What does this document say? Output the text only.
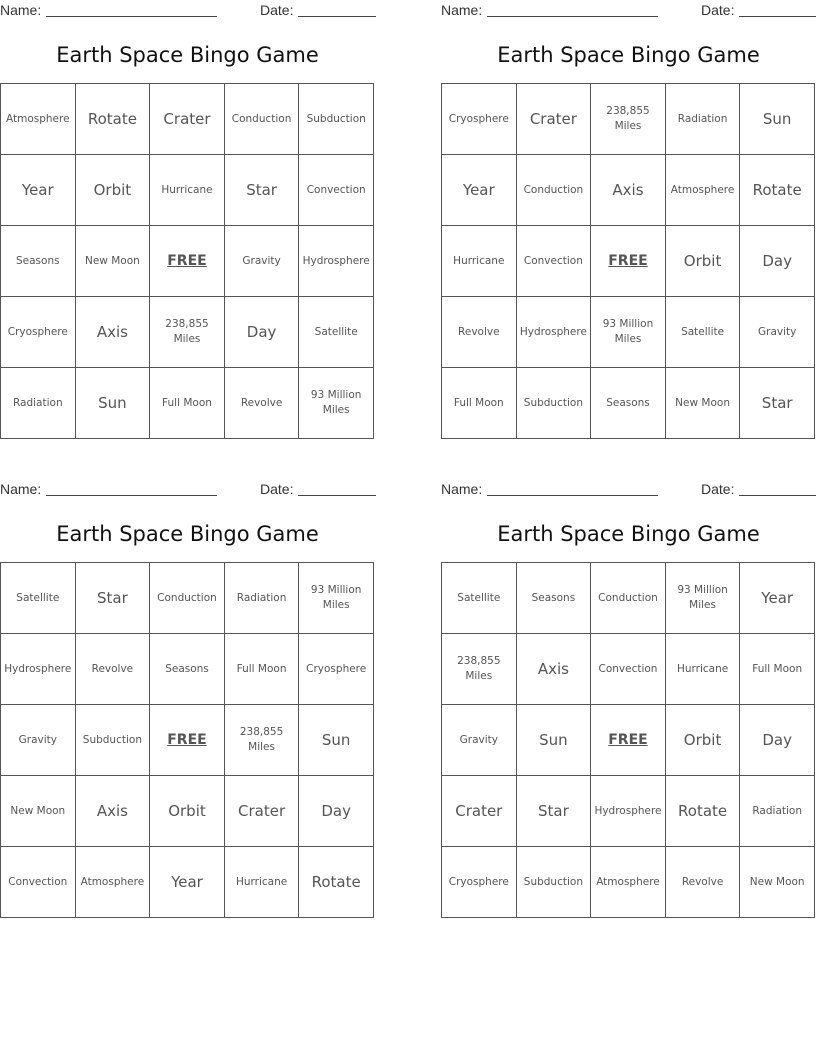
Name:	Date:
Earth Space Bingo Game
Atmosphere	Rotate	Crater	Conduction	Subduction
Year	Orbit	Hurricane	Star	Convection
Seasons	New Moon	FREE	Gravity	Hydrosphere
Cryosphere	Axis	238,855 Miles	Day	Satellite
Radiation	Sun	Full Moon	Revolve	93 Million Miles
Name:	Date:
Earth Space Bingo Game
Cryosphere	Crater	238,855 Miles	Radiation	Sun
Year	Conduction	Axis	Atmosphere	Rotate
Hurricane	Convection	FREE	Orbit	Day
Revolve	Hydrosphere	93 Million Miles	Satellite	Gravity
Full Moon	Subduction	Seasons	New Moon	Star
Name:	Date:
Earth Space Bingo Game
Satellite	Star	Conduction	Radiation	93 Million Miles
Hydrosphere	Revolve	Seasons	Full Moon	Cryosphere
Gravity	Subduction	FREE	238,855 Miles	Sun
New Moon	Axis	Orbit	Crater	Day
Convection	Atmosphere	Year	Hurricane	Rotate
Name:	Date:
Earth Space Bingo Game
Satellite	Seasons	Conduction	93 Million Miles	Year
238,855 Miles	Axis	Convection	Hurricane	Full Moon
Gravity	Sun	FREE	Orbit	Day
Crater	Star	Hydrosphere	Rotate	Radiation
Cryosphere	Subduction	Atmosphere	Revolve	New Moon
